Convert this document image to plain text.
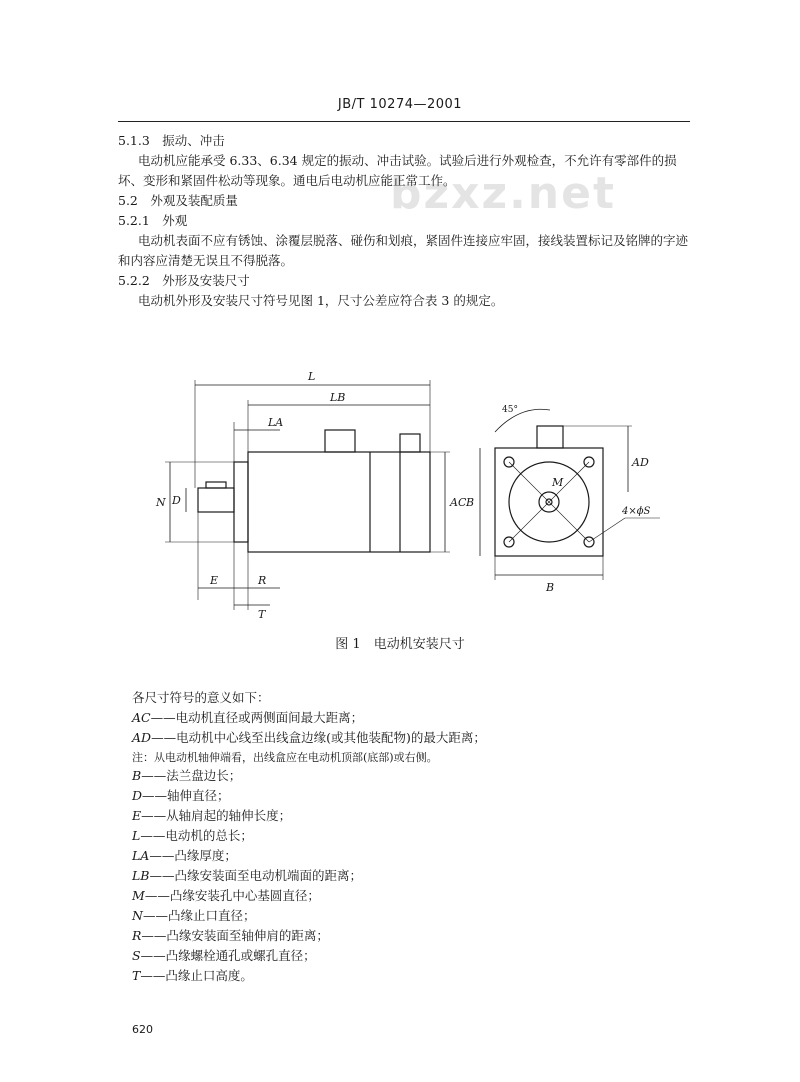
JB/T 10274—2001
bzxz.net
5.1.3　振动、冲击
电动机应能承受 6.33、6.34 规定的振动、冲击试验。试验后进行外观检查，不允许有零部件的损
坏、变形和紧固件松动等现象。通电后电动机应能正常工作。
5.2　外观及装配质量
5.2.1　外观
电动机表面不应有锈蚀、涂覆层脱落、碰伤和划痕，紧固件连接应牢固，接线装置标记及铭牌的字迹
和内容应清楚无误且不得脱落。
5.2.2　外形及安装尺寸
电动机外形及安装尺寸符号见图 1，尺寸公差应符合表 3 的规定。
L
LB
LA
N D	AC B
E	R
T
AD
45°
M
4×ϕS
B
图 1　电动机安装尺寸
各尺寸符号的意义如下：
AC——电动机直径或两侧面间最大距离；
AD——电动机中心线至出线盒边缘(或其他装配物)的最大距离；
注：从电动机轴伸端看，出线盒应在电动机顶部(底部)或右侧。
B——法兰盘边长；
D——轴伸直径；
E——从轴肩起的轴伸长度；
L——电动机的总长；
LA——凸缘厚度；
LB——凸缘安装面至电动机端面的距离；
M——凸缘安装孔中心基圆直径；
N——凸缘止口直径；
R——凸缘安装面至轴伸肩的距离；
S——凸缘螺栓通孔或螺孔直径；
T——凸缘止口高度。
620
